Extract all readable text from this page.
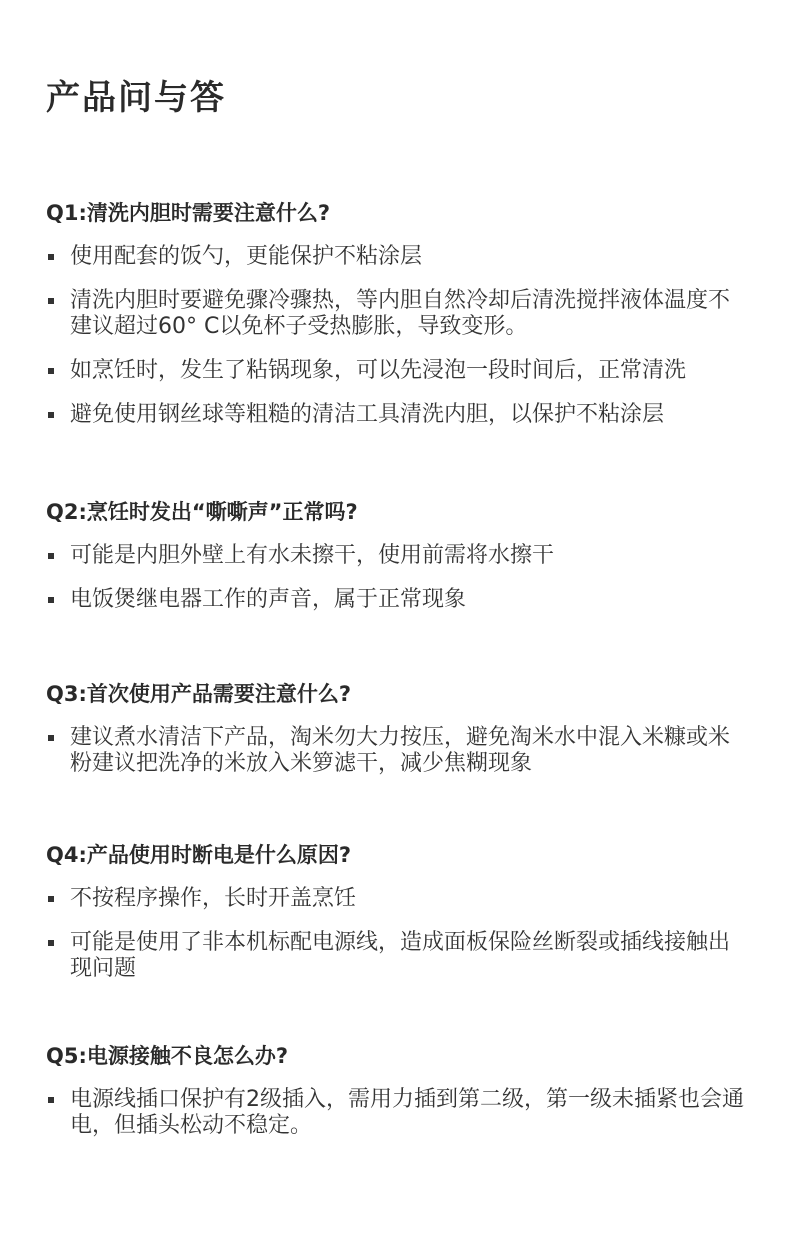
产品问与答
Q1:清洗内胆时需要注意什么?
使用配套的饭勺，更能保护不粘涂层
清洗内胆时要避免骤冷骤热，等内胆自然冷却后清洗搅拌液体温度不建议超过60° C以免杯子受热膨胀，导致变形。
如烹饪时，发生了粘锅现象，可以先浸泡一段时间后，正常清洗
避免使用钢丝球等粗糙的清洁工具清洗内胆，以保护不粘涂层
Q2:烹饪时发出“嘶嘶声”正常吗?
可能是内胆外壁上有水未擦干，使用前需将水擦干
电饭煲继电器工作的声音，属于正常现象
Q3:首次使用产品需要注意什么?
建议煮水清洁下产品，淘米勿大力按压，避免淘米水中混入米糠或米粉建议把洗净的米放入米箩滤干，减少焦糊现象
Q4:产品使用时断电是什么原因?
不按程序操作，长时开盖烹饪
可能是使用了非本机标配电源线，造成面板保险丝断裂或插线接触出现问题
Q5:电源接触不良怎么办?
电源线插口保护有2级插入，需用力插到第二级，第一级未插紧也会通电，但插头松动不稳定。
